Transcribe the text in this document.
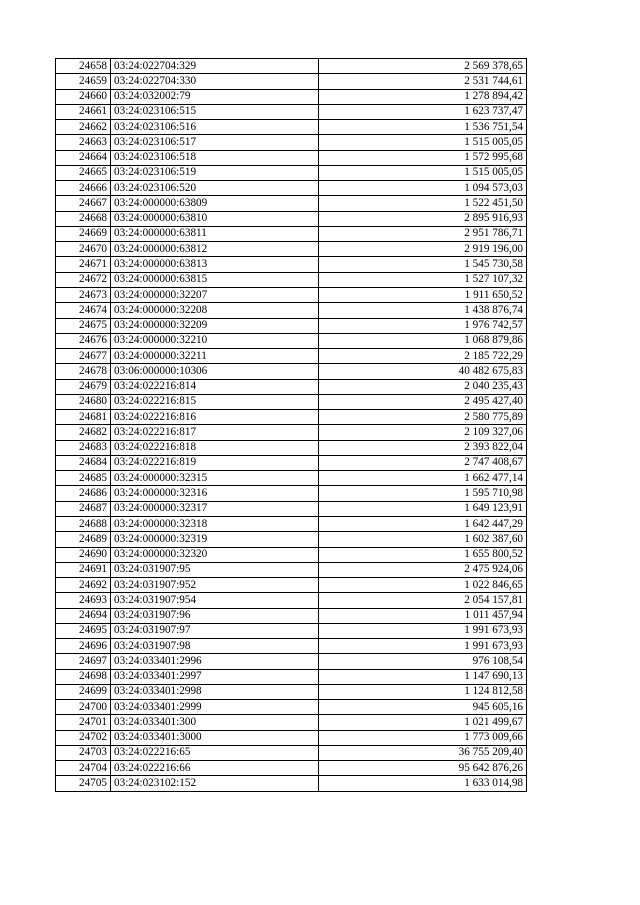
24658	03:24:022704:329	2 569 378,65
24659	03:24:022704:330	2 531 744,61
24660	03:24:032002:79	1 278 894,42
24661	03:24:023106:515	1 623 737,47
24662	03:24:023106:516	1 536 751,54
24663	03:24:023106:517	1 515 005,05
24664	03:24:023106:518	1 572 995,68
24665	03:24:023106:519	1 515 005,05
24666	03:24:023106:520	1 094 573,03
24667	03:24:000000:63809	1 522 451,50
24668	03:24:000000:63810	2 895 916,93
24669	03:24:000000:63811	2 951 786,71
24670	03:24:000000:63812	2 919 196,00
24671	03:24:000000:63813	1 545 730,58
24672	03:24:000000:63815	1 527 107,32
24673	03:24:000000:32207	1 911 650,52
24674	03:24:000000:32208	1 438 876,74
24675	03:24:000000:32209	1 976 742,57
24676	03:24:000000:32210	1 068 879,86
24677	03:24:000000:32211	2 185 722,29
24678	03:06:000000:10306	40 482 675,83
24679	03:24:022216:814	2 040 235,43
24680	03:24:022216:815	2 495 427,40
24681	03:24:022216:816	2 580 775,89
24682	03:24:022216:817	2 109 327,06
24683	03:24:022216:818	2 393 822,04
24684	03:24:022216:819	2 747 408,67
24685	03:24:000000:32315	1 662 477,14
24686	03:24:000000:32316	1 595 710,98
24687	03:24:000000:32317	1 649 123,91
24688	03:24:000000:32318	1 642 447,29
24689	03:24:000000:32319	1 602 387,60
24690	03:24:000000:32320	1 655 800,52
24691	03:24:031907:95	2 475 924,06
24692	03:24:031907:952	1 022 846,65
24693	03:24:031907:954	2 054 157,81
24694	03:24:031907:96	1 011 457,94
24695	03:24:031907:97	1 991 673,93
24696	03:24:031907:98	1 991 673,93
24697	03:24:033401:2996	976 108,54
24698	03:24:033401:2997	1 147 690,13
24699	03:24:033401:2998	1 124 812,58
24700	03:24:033401:2999	945 605,16
24701	03:24:033401:300	1 021 499,67
24702	03:24:033401:3000	1 773 009,66
24703	03:24:022216:65	36 755 209,40
24704	03:24:022216:66	95 642 876,26
24705	03:24:023102:152	1 633 014,98
